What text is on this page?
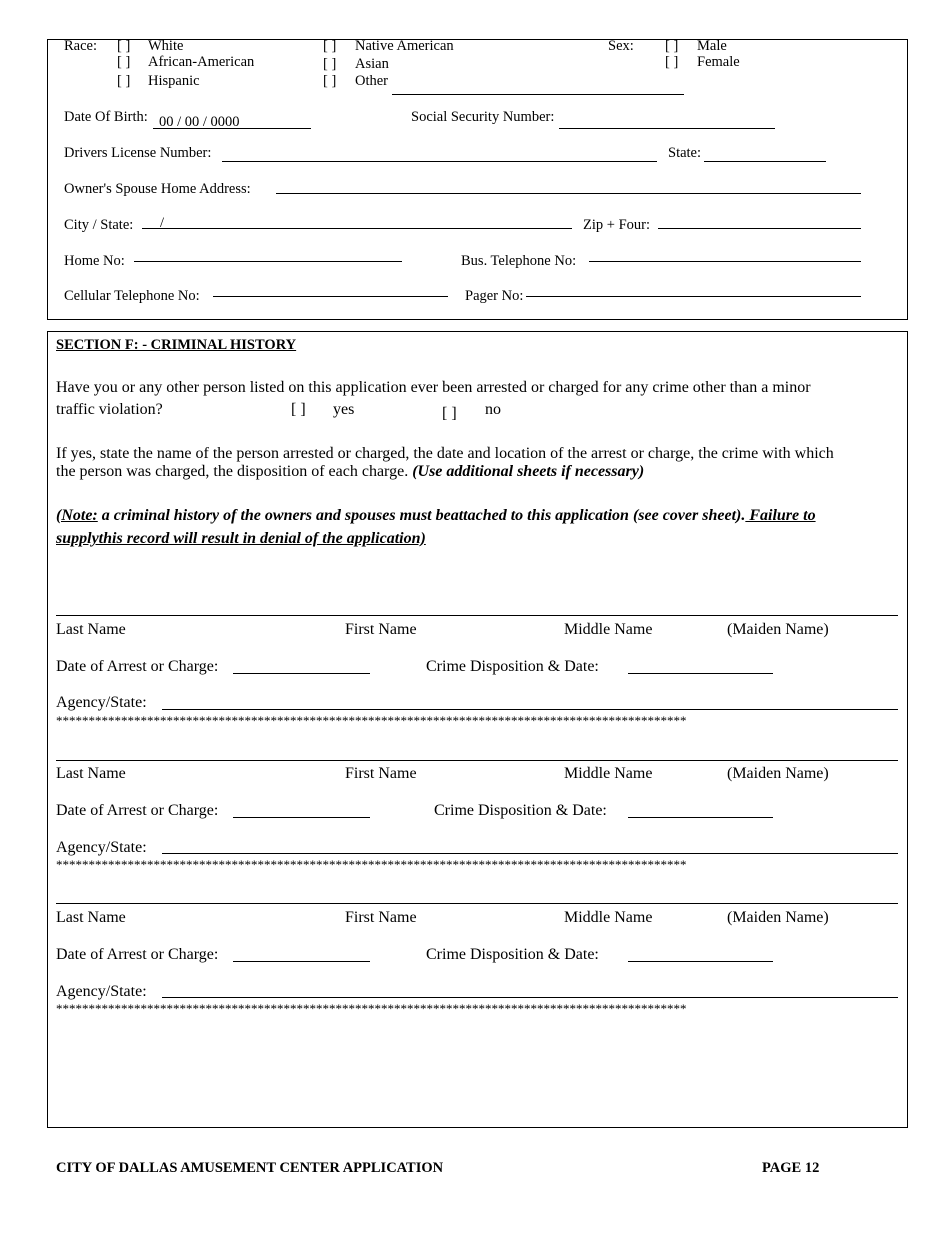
Race: [ ] White
[ ] African-American
[ ] Hispanic
[ ] Native American
[ ] Asian
[ ] Other
Sex: [ ] Male
[ ] Female
Date Of Birth: 00 / 00 / 0000	Social Security Number:
Drivers License Number:	State:
Owner's Spouse Home Address:
City / State: /	Zip + Four:
Home No:	Bus. Telephone No:
Cellular Telephone No:	Pager No:
SECTION F: - CRIMINAL HISTORY
Have you or any other person listed on this application ever been arrested or charged for any crime other than a minor
traffic violation?	[ ] yes	[ ] no
If yes, state the name of the person arrested or charged, the date and location of the arrest or charge, the crime with which
the person was charged, the disposition of each charge. (Use additional sheets if necessary)
(Note: a criminal history of the owners and spouses must beattached to this application (see cover sheet). Failure to
supplythis record will result in denial of the application)
Last Name	First Name	Middle Name	(Maiden Name)
Date of Arrest or Charge:	Crime Disposition & Date:
Agency/State:
*************************************************************************************************
Last Name	First Name	Middle Name	(Maiden Name)
Date of Arrest or Charge:	Crime Disposition & Date:
Agency/State:
*************************************************************************************************
Last Name	First Name	Middle Name	(Maiden Name)
Date of Arrest or Charge:	Crime Disposition & Date:
Agency/State:
*************************************************************************************************
CITY OF DALLAS AMUSEMENT CENTER APPLICATION	PAGE 12
